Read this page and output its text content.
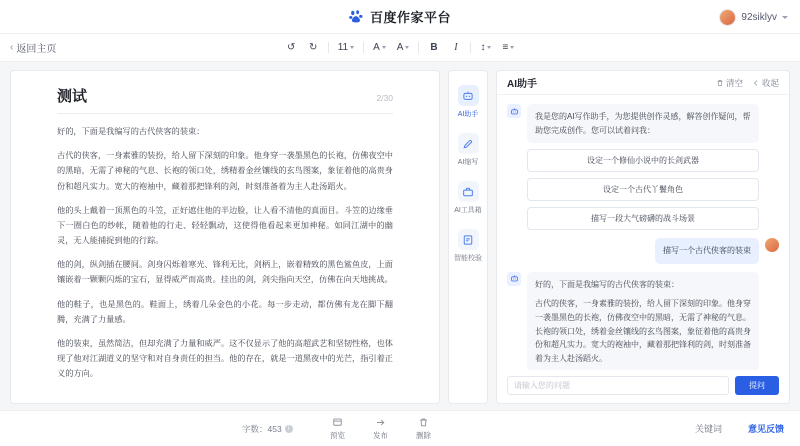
百度作家平台	92siklyv
‹ 返回主页	↺	↻	11	A	A	B	I	↕	≡
测试	2/30

好的，下面是我编写的古代侠客的装束：

古代的侠客，一身素雅的装扮，给人留下深刻的印象。他身穿一袭墨黑色的长袍，仿佛夜空中的黑暗，无需了神秘的气息、长袍的领口处，绣精着金丝镶线的玄鸟图案，象征着他的高贵身份和超凡实力。宽大的袍袖中，藏着那把锋利的剑，时刻准备着为主人赴汤蹈火。

他的头上戴着一顶黑色的斗笠，正好遮住他的半边脸，让人看不清他的真面目。斗笠的边缘垂下一圈白色的纱帐，随着他的行走、轻轻飘动，这使得他看起来更加神秘。如同江湖中的幽灵，无人能捕捉到他的行踪。

他的剑，纵剑插在腰间。剑身闪烁着寒光、锋利无比，剑柄上，嵌着精致的黑色鲨鱼皮，上面镶嵌着一颗颗闪烁的宝石，显得威严而高贵。挂出的剑，剑尖指向天空，仿佛在向天地挑战。

他的鞋子，也是黑色的。鞋面上，绣着几朵金色的小花。每一步走动，都仿佛有龙在脚下翻腾，充满了力量感。

他的装束，虽然简洁，但却充满了力量和威严。这不仅显示了他的高超武艺和坚韧性格，也体现了他对江湖道义的坚守和对自身责任的担当。他的存在，就是一道黑夜中的光芒，指引着正义的方向。

AI助手
AI缩写
AI工具箱
智能校验
AI助手	清空 收起
我是您的AI写作助手，为您提供创作灵感，解答创作疑问，帮助您完成创作。您可以试着问我：
设定一个修仙小说中的长剑武器
设定一个古代丫鬟角色
描写一段大气磅礴的战斗场景
描写一个古代侠客的装束
好的，下面是我编写的古代侠客的装束：
古代的侠客，一身素雅的装扮，给人留下深刻的印象。他身穿一袭墨黑色的长袍，仿佛夜空中的黑暗，无需了神秘的气息。长袍的领口处，绣着金丝镶线的玄鸟图案，象征着他的高贵身份和超凡实力。宽大的袍袖中，藏着那把锋利的剑，时刻准备着为主人赴汤蹈火。
请输入您的问题
提问
字数：453	i
预览	发布	删除
关键词	意见反馈
